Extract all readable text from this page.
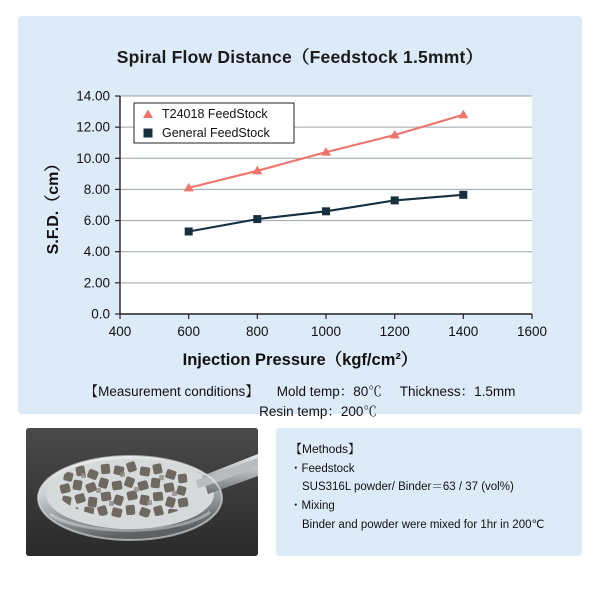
Spiral Flow Distance（Feedstock 1.5mmt）
400	600	800	1000	1200	1400	1600
0.0
2.00
4.00
6.00
8.00
10.00
12.00
14.00
S.F.D.（cm）
T24018 FeedStock
General FeedStock
Injection Pressure（kgf/cm²）
【Measurement conditions】 Mold temp：80℃ Thickness：1.5mm
Resin temp：200℃
【Methods】
・Feedstock
SUS316L powder/ Binder＝63 / 37 (vol%)
・Mixing
Binder and powder were mixed for 1hr in 200℃
